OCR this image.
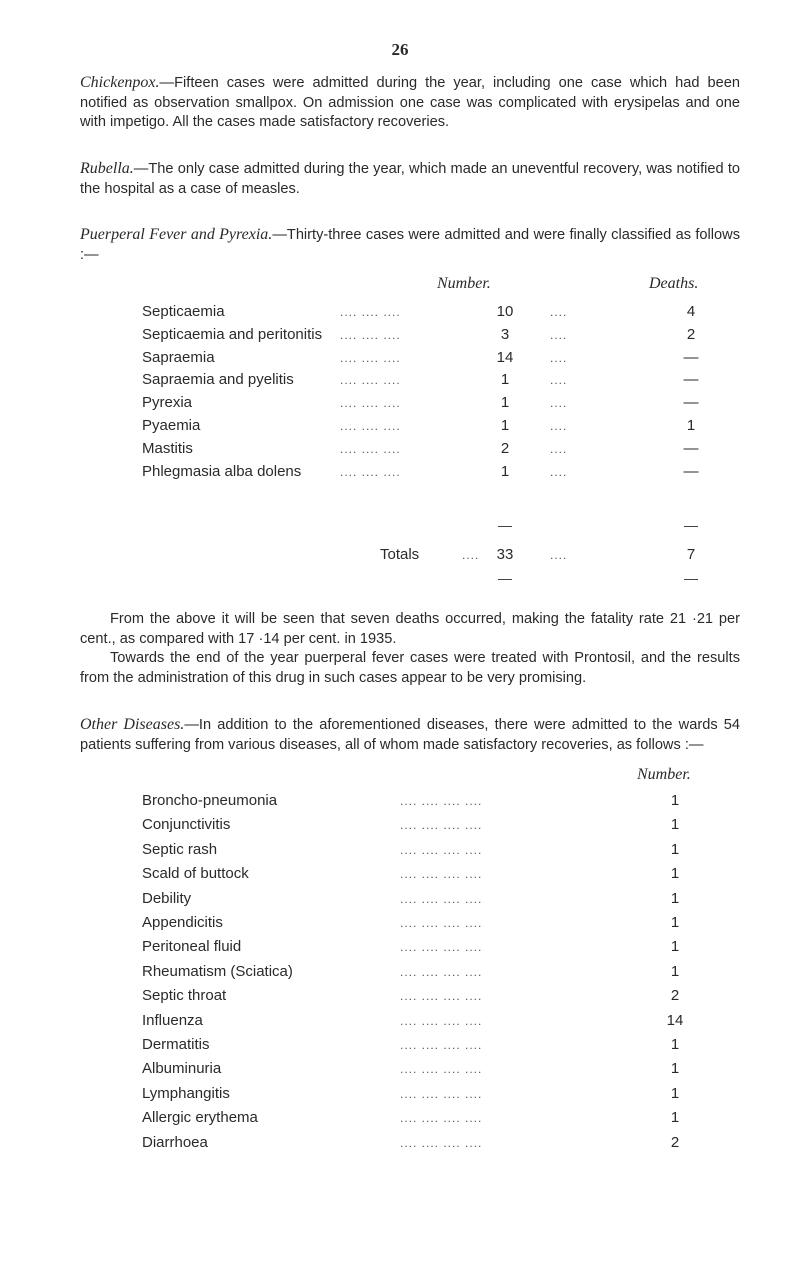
26

Chickenpox.—Fifteen cases were admitted during the year, including one case which had been notified as observation smallpox. On admission one case was complicated with erysipelas and one with impetigo. All the cases made satisfactory recoveries.

Rubella.—The only case admitted during the year, which made an uneventful recovery, was notified to the hospital as a case of measles.

Puerperal Fever and Pyrexia.—Thirty-three cases were admitted and were finally classified as follows :—

Number.	Deaths.
Septicaemia	.... .... ....	10	....	4
Septicaemia and peritonitis .... .... ....	3	....	2
Sapraemia	.... .... ....	14	....	—
Sapraemia and pyelitis	.... .... ....	1	....	—
Pyrexia	.... .... ....	1	....	—
Pyaemia	.... .... ....	1	....	1
Mastitis	.... .... ....	2	....	—
Phlegmasia alba dolens	.... .... ....	1	....	—
Totals	....	33	....	7

From the above it will be seen that seven deaths occurred, making the fatality rate 21 ·21 per cent., as compared with 17 ·14 per cent. in 1935.

Towards the end of the year puerperal fever cases were treated with Prontosil, and the results from the administration of this drug in such cases appear to be very promising.

Other Diseases.—In addition to the aforementioned diseases, there were admitted to the wards 54 patients suffering from various diseases, all of whom made satisfactory recoveries, as follows :—

Number.
Broncho-pneumonia	.... .... .... ....	1
Conjunctivitis	.... .... .... ....	1
Septic rash	.... .... .... ....	1
Scald of buttock	.... .... .... ....	1
Debility	.... .... .... ....	1
Appendicitis	.... .... .... ....	1
Peritoneal fluid	.... .... .... ....	1
Rheumatism (Sciatica)	.... .... .... ....	1
Septic throat	.... .... .... ....	2
Influenza	.... .... .... ....	14
Dermatitis	.... .... .... ....	1
Albuminuria	.... .... .... ....	1
Lymphangitis	.... .... .... ....	1
Allergic erythema	.... .... .... ....	1
Diarrhoea	.... .... .... ....	2
